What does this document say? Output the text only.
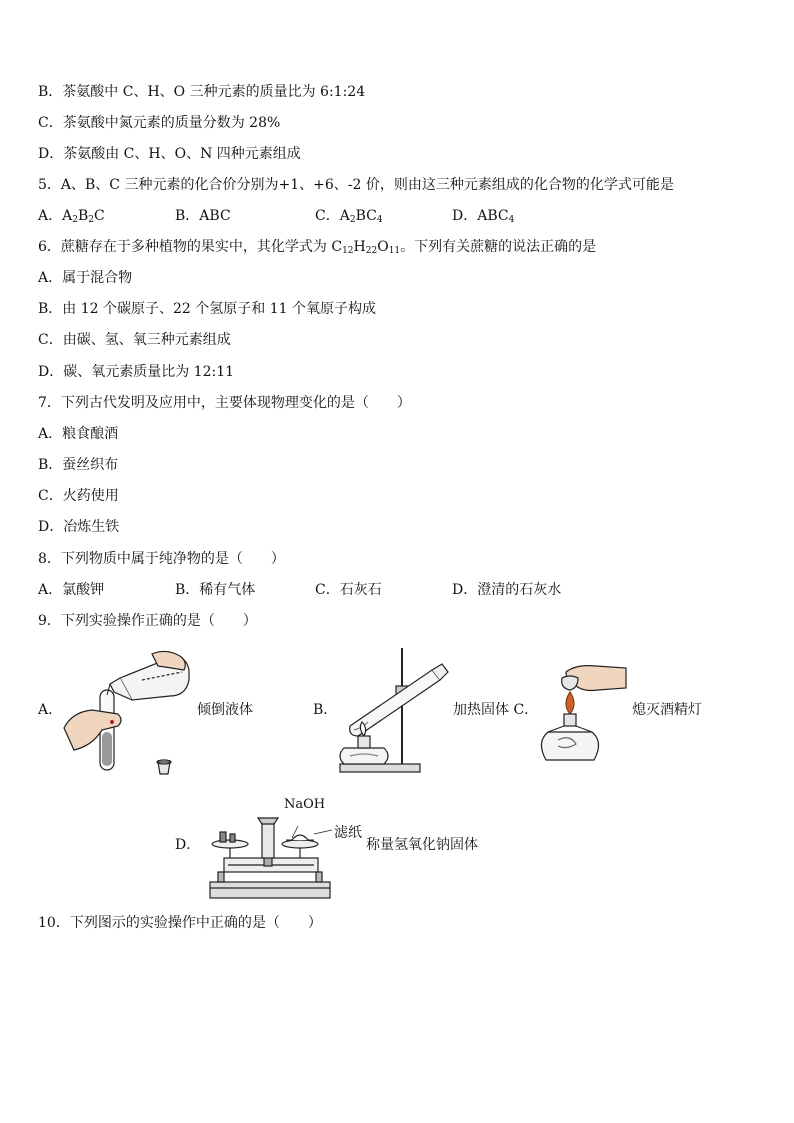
B．茶氨酸中 C、H、O 三种元素的质量比为 6:1:24
C．茶氨酸中氮元素的质量分数为 28%
D．茶氨酸由 C、H、O、N 四种元素组成
5．A、B、C 三种元素的化合价分别为+1、+6、-2 价，则由这三种元素组成的化合物的化学式可能是
A．$A_2B_2C$	B．ABC	C．$A_2BC_4$	D．$ABC_4$
6．蔗糖存在于多种植物的果实中，其化学式为 $C_{12}H_{22}O_{11}$。下列有关蔗糖的说法正确的是
A．属于混合物
B．由 12 个碳原子、22 个氢原子和 11 个氧原子构成
C．由碳、氢、氧三种元素组成
D．碳、氧元素质量比为 12:11
7．下列古代发明及应用中，主要体现物理变化的是（　　）
A．粮食酿酒
B．蚕丝织布
C．火药使用
D．冶炼生铁
8．下列物质中属于纯净物的是（　　）
A．氯酸钾	B．稀有气体	C．石灰石	D．澄清的石灰水
9．下列实验操作正确的是（　　）
A．	倾倒液体	B．	加热固体 C．	熄灭酒精灯
D．
NaOH
滤纸
称量氢氧化钠固体
10．下列图示的实验操作中正确的是（　　）
